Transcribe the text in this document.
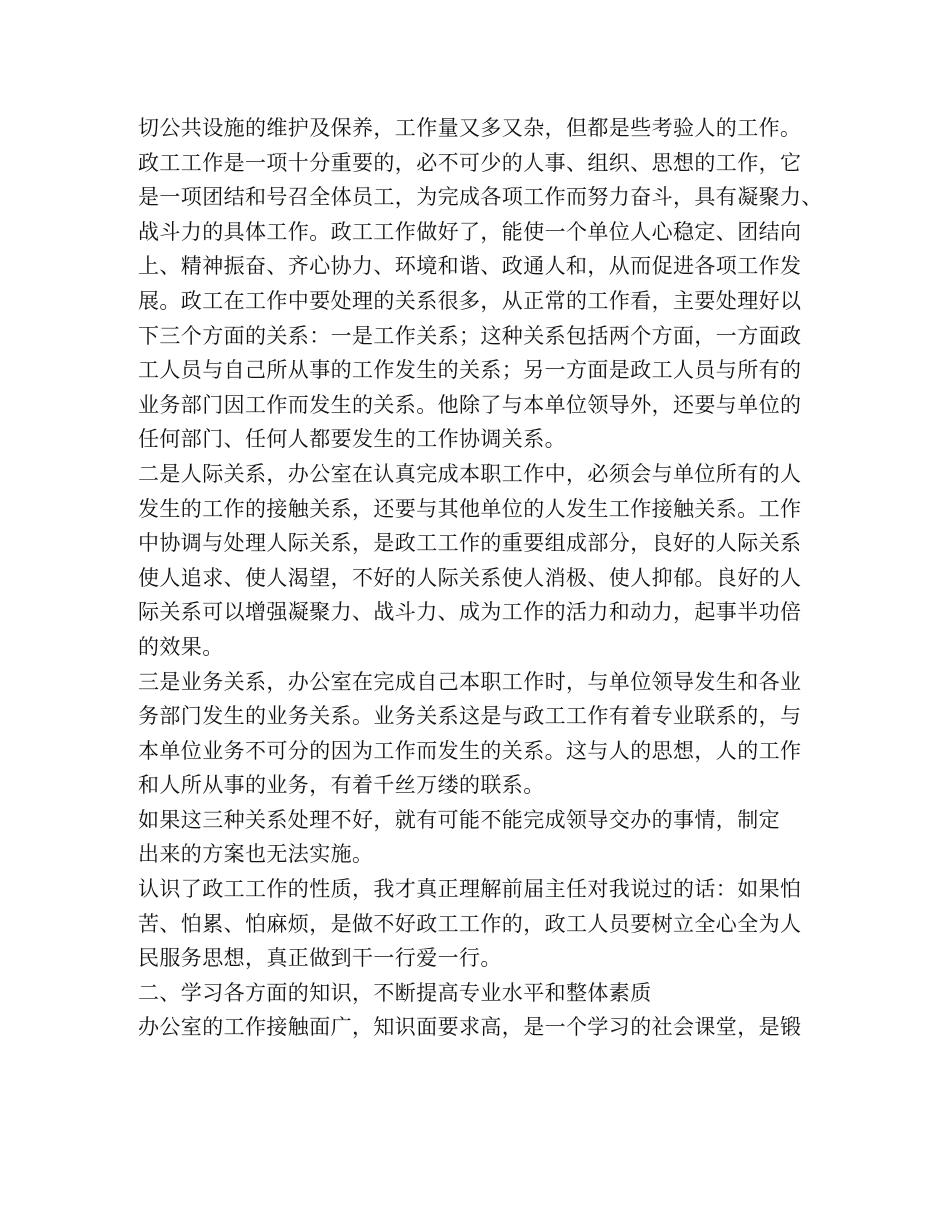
切公共设施的维护及保养，工作量又多又杂，但都是些考验人的工作。
政工工作是一项十分重要的，必不可少的人事、组织、思想的工作，它
是一项团结和号召全体员工，为完成各项工作而努力奋斗，具有凝聚力、
战斗力的具体工作。政工工作做好了，能使一个单位人心稳定、团结向
上、精神振奋、齐心协力、环境和谐、政通人和，从而促进各项工作发
展。政工在工作中要处理的关系很多，从正常的工作看，主要处理好以
下三个方面的关系：一是工作关系；这种关系包括两个方面，一方面政
工人员与自己所从事的工作发生的关系；另一方面是政工人员与所有的
业务部门因工作而发生的关系。他除了与本单位领导外，还要与单位的
任何部门、任何人都要发生的工作协调关系。
二是人际关系，办公室在认真完成本职工作中，必须会与单位所有的人
发生的工作的接触关系，还要与其他单位的人发生工作接触关系。工作
中协调与处理人际关系，是政工工作的重要组成部分，良好的人际关系
使人追求、使人渴望，不好的人际关系使人消极、使人抑郁。良好的人
际关系可以增强凝聚力、战斗力、成为工作的活力和动力，起事半功倍
的效果。
三是业务关系，办公室在完成自己本职工作时，与单位领导发生和各业
务部门发生的业务关系。业务关系这是与政工工作有着专业联系的，与
本单位业务不可分的因为工作而发生的关系。这与人的思想，人的工作
和人所从事的业务，有着千丝万缕的联系。
如果这三种关系处理不好，就有可能不能完成领导交办的事情，制定
出来的方案也无法实施。
认识了政工工作的性质，我才真正理解前届主任对我说过的话：如果怕
苦、怕累、怕麻烦，是做不好政工工作的，政工人员要树立全心全为人
民服务思想，真正做到干一行爱一行。
二、学习各方面的知识，不断提高专业水平和整体素质
办公室的工作接触面广，知识面要求高，是一个学习的社会课堂，是锻
